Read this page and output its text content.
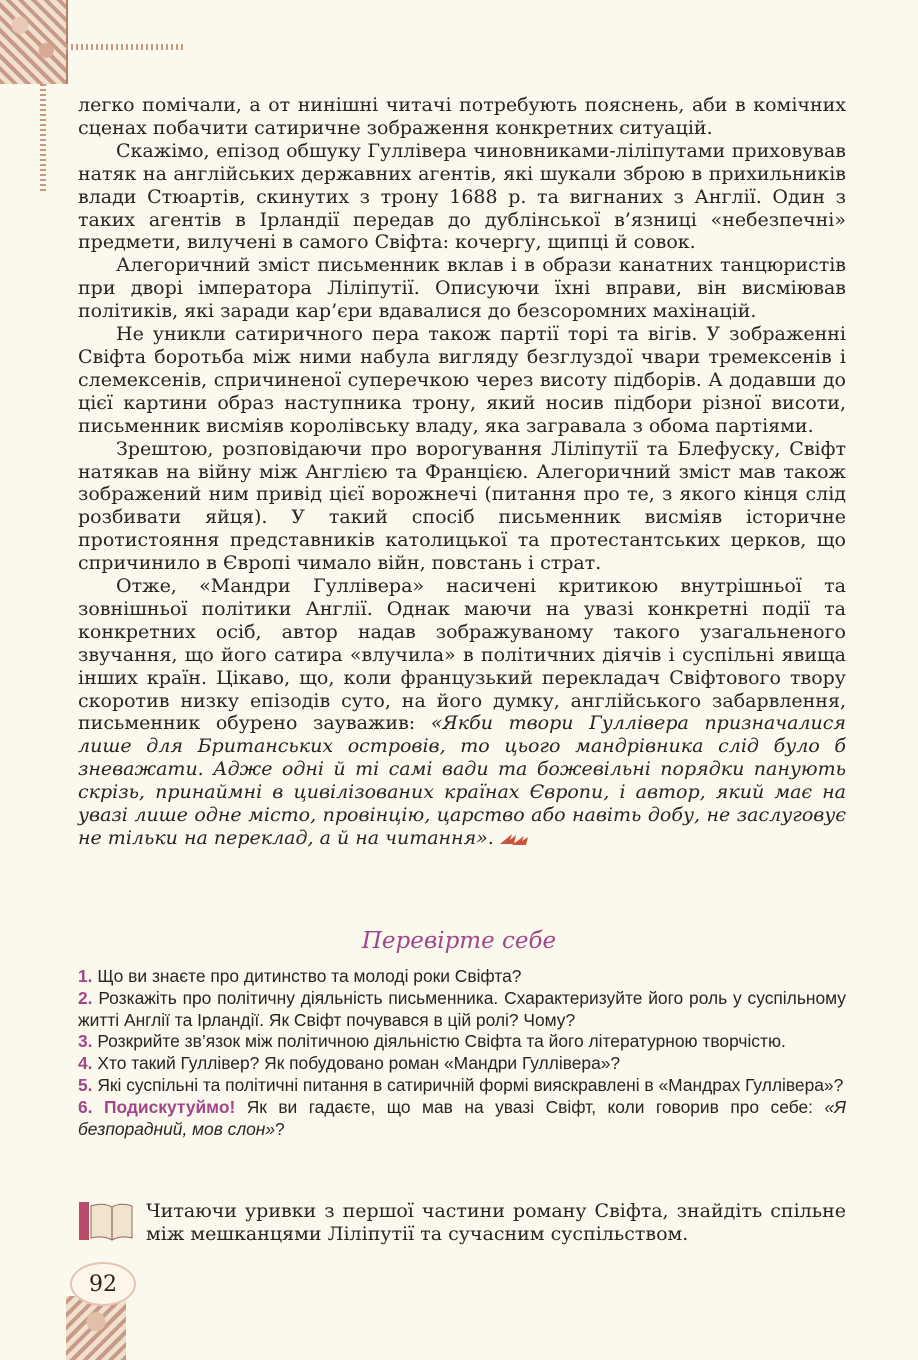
легко помічали, а от нинішні читачі потребують пояснень, аби в комічних сценах побачити сатиричне зображення конкретних ситуацій.

Скажімо, епізод обшуку Гуллівера чиновниками-ліліпутами приховував натяк на англійських державних агентів, які шукали зброю в прихильників влади Стюартів, скинутих з трону 1688 р. та вигнаних з Англії. Один з таких агентів в Ірландії передав до дублінської в’язниці «небезпечні» предмети, вилучені в самого Свіфта: кочергу, щипці й совок.

Алегоричний зміст письменник вклав і в образи канатних танцюристів при дворі імператора Ліліпутії. Описуючи їхні вправи, він висміював політиків, які заради кар’єри вдавалися до безсоромних махінацій.

Не уникли сатиричного пера також партії торі та вігів. У зображенні Свіфта боротьба між ними набула вигляду безглуздої чвари тремексенів і слемексенів, спричиненої суперечкою через висоту підборів. А додавши до цієї картини образ наступника трону, який носив підбори різної висоти, письменник висміяв королівську владу, яка загравала з обома партіями.

Зрештою, розповідаючи про ворогування Ліліпутії та Блефуску, Свіфт натякав на війну між Англією та Францією. Алегоричний зміст мав також зображений ним привід цієї ворожнечі (питання про те, з якого кінця слід розбивати яйця). У такий спосіб письменник висміяв історичне протистояння представників католицької та протестантських церков, що спричинило в Європі чимало війн, повстань і страт.

Отже, «Мандри Гуллівера» насичені критикою внутрішньої та зовнішньої політики Англії. Однак маючи на увазі конкретні події та конкретних осіб, автор надав зображуваному такого узагальненого звучання, що його сатира «влучила» в політичних діячів і суспільні явища інших країн. Цікаво, що, коли французький перекладач Свіфтового твору скоротив низку епізодів суто, на його думку, англійського забарвлення, письменник обурено зауважив: «Якби твори Гуллівера призначалися лише для Британських островів, то цього мандрівника слід було б зневажати. Адже одні й ті самі вади та божевільні порядки панують скрізь, принаймні в цивілізованих країнах Європи, і автор, який має на увазі лише одне місто, провінцію, царство або навіть добу, не заслуговує не тільки на переклад, а й на читання».

Перевірте себе

1. Що ви знаєте про дитинство та молоді роки Свіфта?

2. Розкажіть про політичну діяльність письменника. Схарактеризуйте його роль у суспільному житті Англії та Ірландії. Як Свіфт почувався в цій ролі? Чому?

3. Розкрийте зв’язок між політичною діяльністю Свіфта та його літературною творчістю.

4. Хто такий Гуллівер? Як побудовано роман «Мандри Гуллівера»?

5. Які суспільні та політичні питання в сатиричній формі вияскравлені в «Мандрах Гуллівера»?

6. Подискутуймо! Як ви гадаєте, що мав на увазі Свіфт, коли говорив про себе: «Я безпорадний, мов слон»?

Читаючи уривки з першої частини роману Свіфта, знайдіть спільне між мешканцями Ліліпутії та сучасним суспільством.
92
